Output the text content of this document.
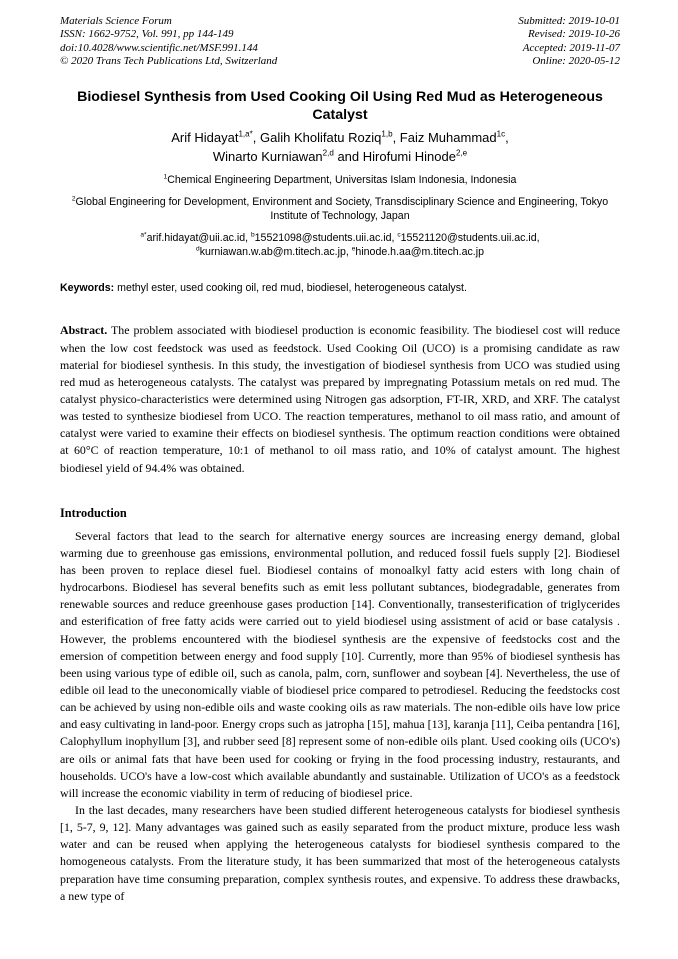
Materials Science Forum
ISSN: 1662-9752, Vol. 991, pp 144-149
doi:10.4028/www.scientific.net/MSF.991.144
© 2020 Trans Tech Publications Ltd, Switzerland
Submitted: 2019-10-01
Revised: 2019-10-26
Accepted: 2019-11-07
Online: 2020-05-12
Biodiesel Synthesis from Used Cooking Oil Using Red Mud as Heterogeneous Catalyst
Arif Hidayat$^{1,a*}$, Galih Kholifatu Roziq$^{1,b}$, Faiz Muhammad$^{1c}$,
Winarto Kurniawan$^{2,d}$ and Hirofumi Hinode$^{2,e}$
$^1$Chemical Engineering Department, Universitas Islam Indonesia, Indonesia
$^2$Global Engineering for Development, Environment and Society, Transdisciplinary Science and Engineering, Tokyo Institute of Technology, Japan
$^{a*}$arif.hidayat@uii.ac.id, $^b$15521098@students.uii.ac.id, $^c$15521120@students.uii.ac.id,
$^d$kurniawan.w.ab@m.titech.ac.jp, $^e$hinode.h.aa@m.titech.ac.jp
Keywords: methyl ester, used cooking oil, red mud, biodiesel, heterogeneous catalyst.
Abstract. The problem associated with biodiesel production is economic feasibility. The biodiesel cost will reduce when the low cost feedstock was used as feedstock. Used Cooking Oil (UCO) is a promising candidate as raw material for biodiesel synthesis. In this study, the investigation of biodiesel synthesis from UCO was studied using red mud as heterogeneous catalysts. The catalyst was prepared by impregnating Potassium metals on red mud. The catalyst physico-characteristics were determined using Nitrogen gas adsorption, FT-IR, XRD, and XRF. The catalyst was tested to synthesize biodiesel from UCO. The reaction temperatures, methanol to oil mass ratio, and amount of catalyst were varied to examine their effects on biodiesel synthesis. The optimum reaction conditions were obtained at 60°C of reaction temperature, 10:1 of methanol to oil mass ratio, and 10% of catalyst amount. The highest biodiesel yield of 94.4% was obtained.
Introduction
Several factors that lead to the search for alternative energy sources are increasing energy demand, global warming due to greenhouse gas emissions, environmental pollution, and reduced fossil fuels supply [2]. Biodiesel has been proven to replace diesel fuel. Biodiesel contains of monoalkyl fatty acid esters with long chain of hydrocarbons. Biodiesel has several benefits such as emit less pollutant subtances, biodegradable, generates from renewable sources and reduce greenhouse gases production [14]. Conventionally, transesterification of triglycerides and esterification of free fatty acids were carried out to yield biodiesel using assistment of acid or base catalysis . However, the problems encountered with the biodiesel synthesis are the expensive of feedstocks cost and the emersion of competition between energy and food supply [10]. Currently, more than 95% of biodiesel synthesis has been using various type of edible oil, such as canola, palm, corn, sunflower and soybean [4]. Nevertheless, the use of edible oil lead to the uneconomically viable of biodiesel price compared to petrodiesel. Reducing the feedstocks cost can be achieved by using non-edible oils and waste cooking oils as raw materials. The non-edible oils have low price and easy cultivating in land-poor. Energy crops such as jatropha [15], mahua [13], karanja [11], Ceiba pentandra [16], Calophyllum inophyllum [3], and rubber seed [8] represent some of non-edible oils plant. Used cooking oils (UCO's) are oils or animal fats that have been used for cooking or frying in the food processing industry, restaurants, and households. UCO's have a low-cost which available abundantly and sustainable. Utilization of UCO's as a feedstock will increase the economic viability in term of reducing of biodiesel price.
In the last decades, many researchers have been studied different heterogeneous catalysts for biodiesel synthesis [1, 5-7, 9, 12]. Many advantages was gained such as easily separated from the product mixture, produce less wash water and can be reused when applying the heterogeneous catalysts for biodiesel synthesis compared to the homogeneous catalysts. From the literature study, it has been summarized that most of the heterogeneous catalysts preparation have time consuming preparation, complex synthesis routes, and expensive. To address these drawbacks, a new type of
